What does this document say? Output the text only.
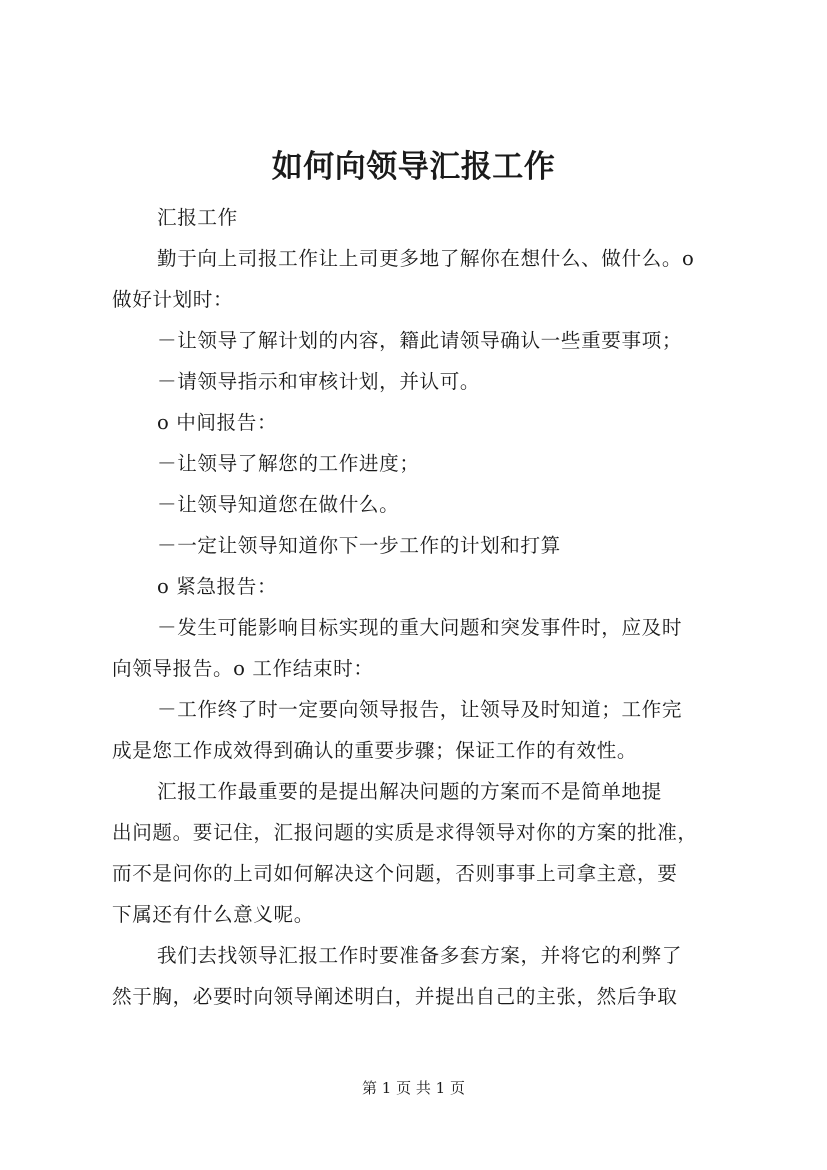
如何向领导汇报工作
汇报工作
勤于向上司报工作让上司更多地了解你在想什么、做什么。o
做好计划时：
－让领导了解计划的内容，籍此请领导确认一些重要事项；
－请领导指示和审核计划，并认可。
o 中间报告：
－让领导了解您的工作进度；
－让领导知道您在做什么。
－一定让领导知道你下一步工作的计划和打算
o 紧急报告：
－发生可能影响目标实现的重大问题和突发事件时，应及时
向领导报告。o 工作结束时：
－工作终了时一定要向领导报告，让领导及时知道；工作完
成是您工作成效得到确认的重要步骤；保证工作的有效性。
汇报工作最重要的是提出解决问题的方案而不是简单地提
出问题。要记住，汇报问题的实质是求得领导对你的方案的批准，
而不是问你的上司如何解决这个问题，否则事事上司拿主意，要
下属还有什么意义呢。
我们去找领导汇报工作时要准备多套方案，并将它的利弊了
然于胸，必要时向领导阐述明白，并提出自己的主张，然后争取
第 1 页 共 1 页
